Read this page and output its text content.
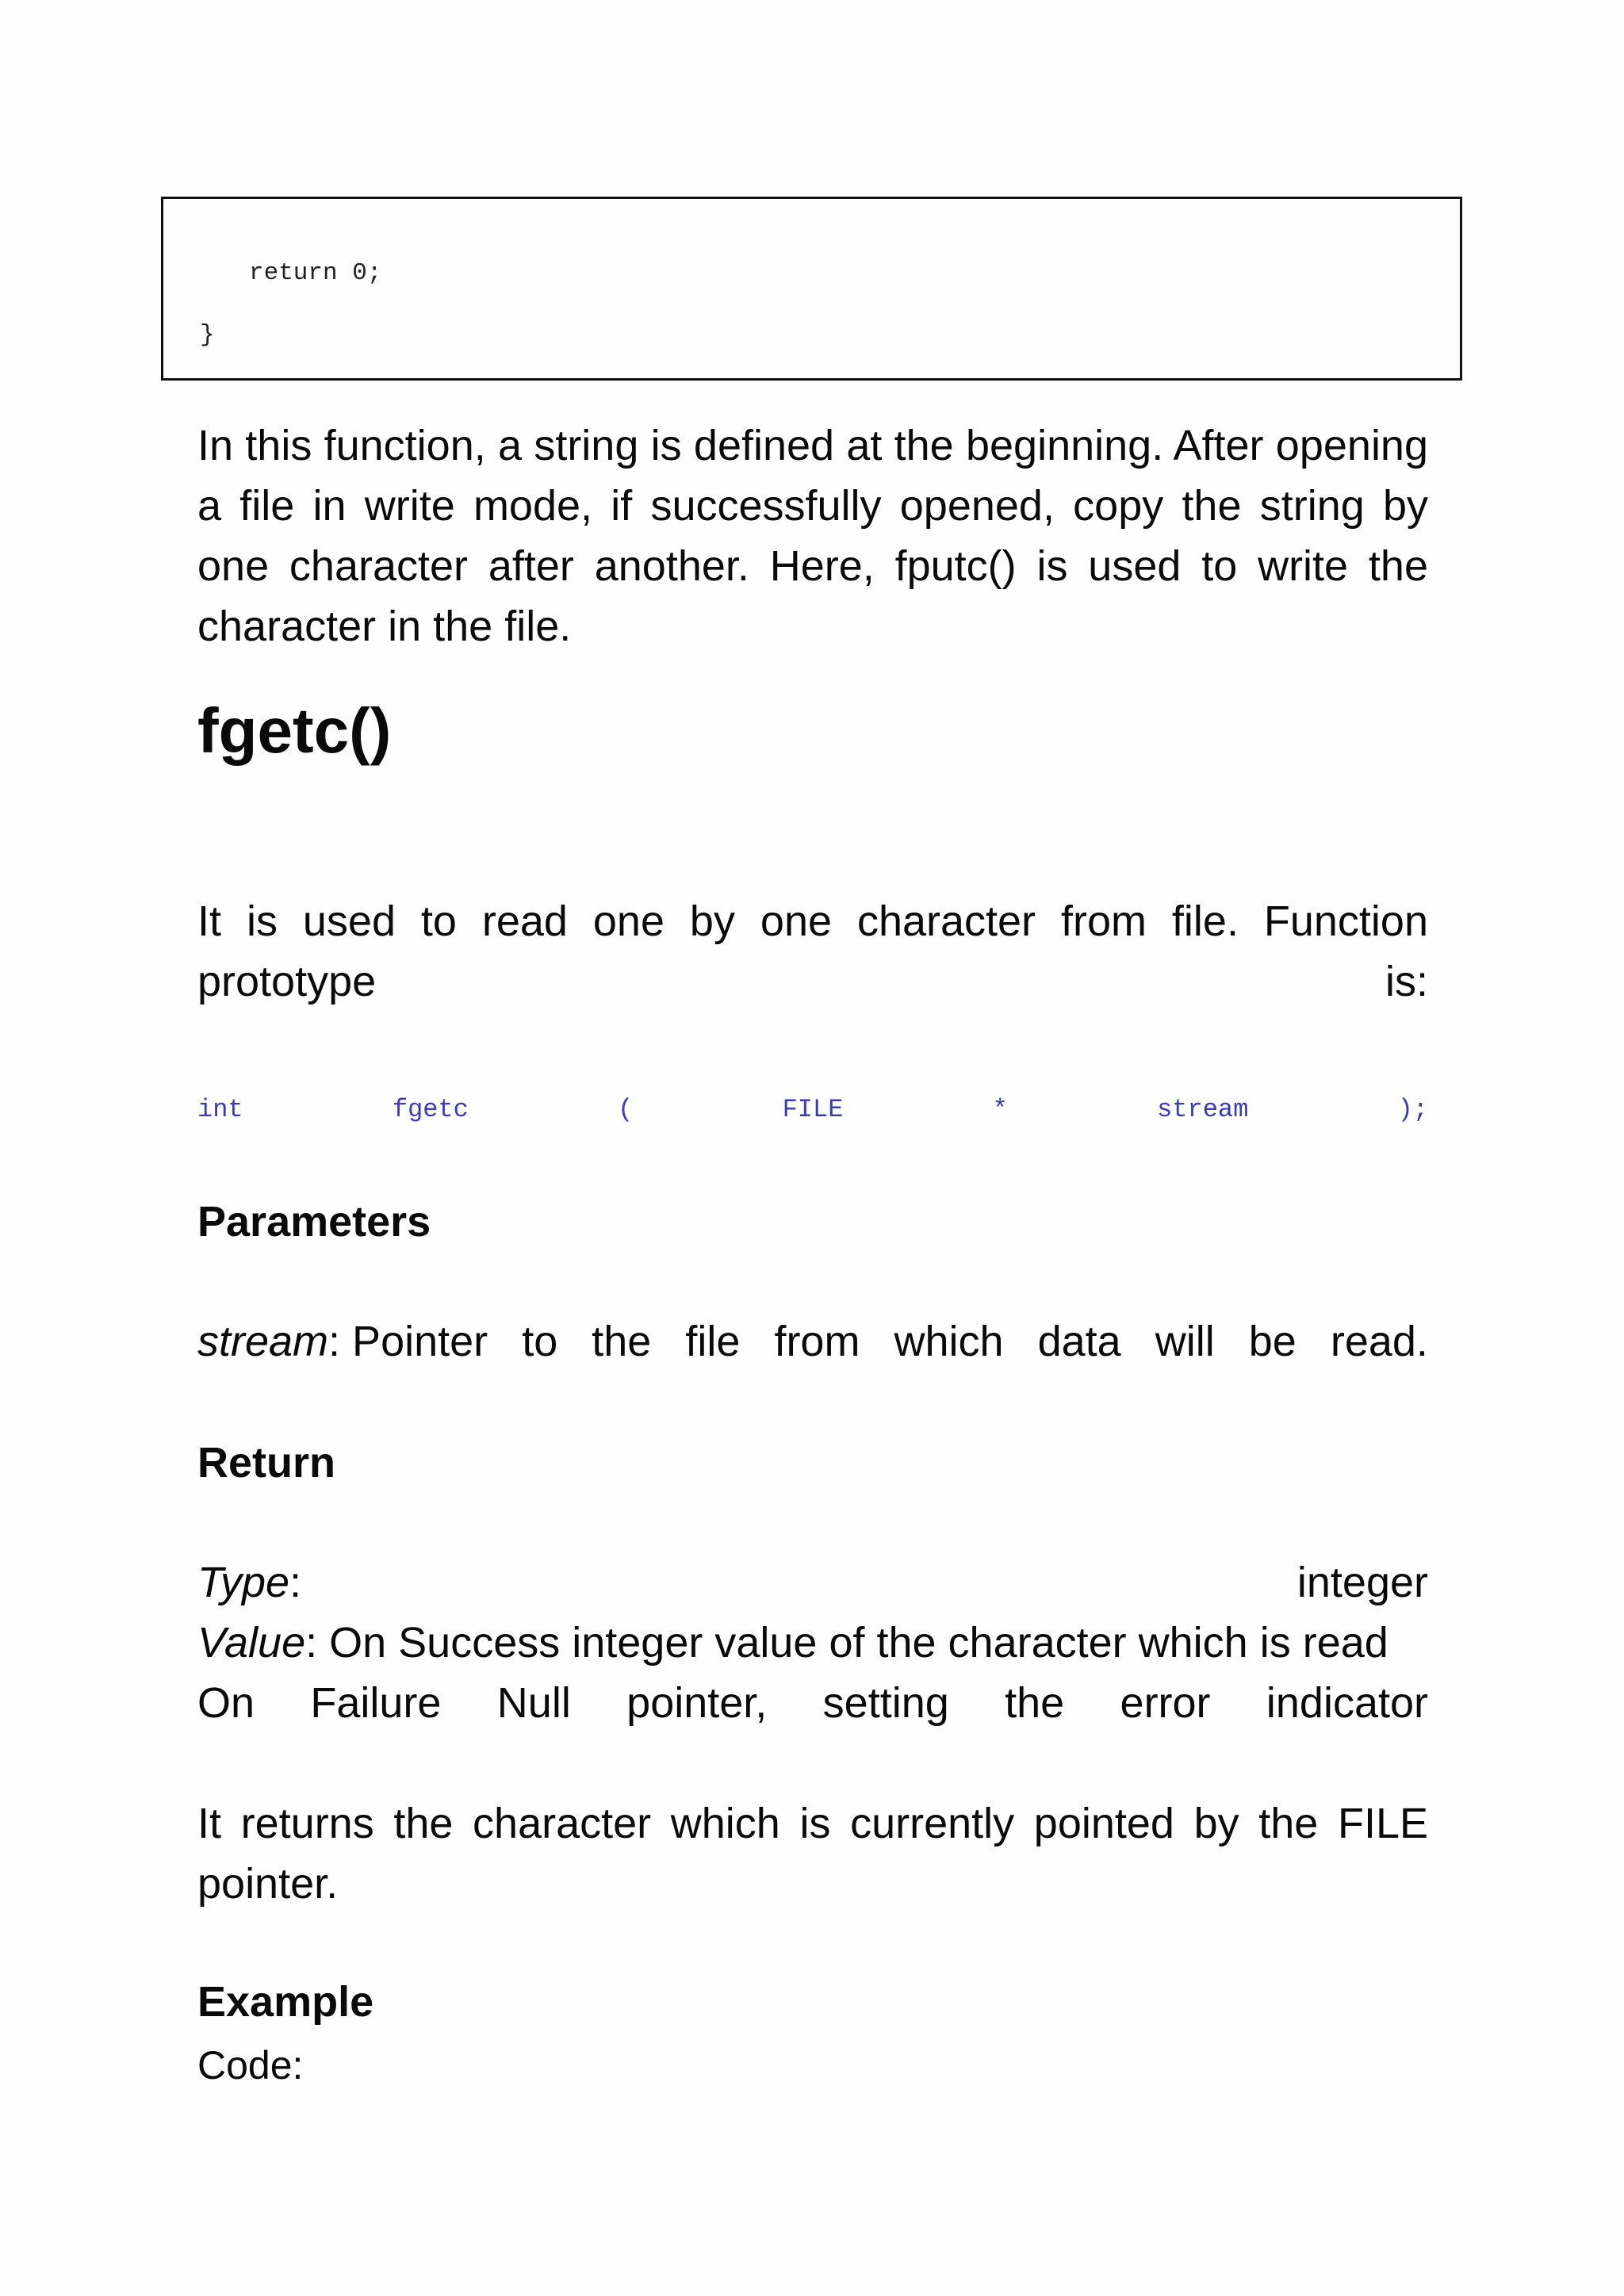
return 0;
}

In this function, a string is defined at the beginning. After opening a file in write mode, if successfully opened, copy the string by one character after another. Here, fputc() is used to write the character in the file.

fgetc()
It is used to read one by one character from file. Function
prototype	is:
int	fgetc	(	FILE	*	stream	);
Parameters
stream: Pointer to the file from which data will be read.
Return
Type:	integer
Value: On Success integer value of the character which is read
On Failure Null pointer, setting the error indicator

It returns the character which is currently pointed by the FILE pointer.

Example
Code:
